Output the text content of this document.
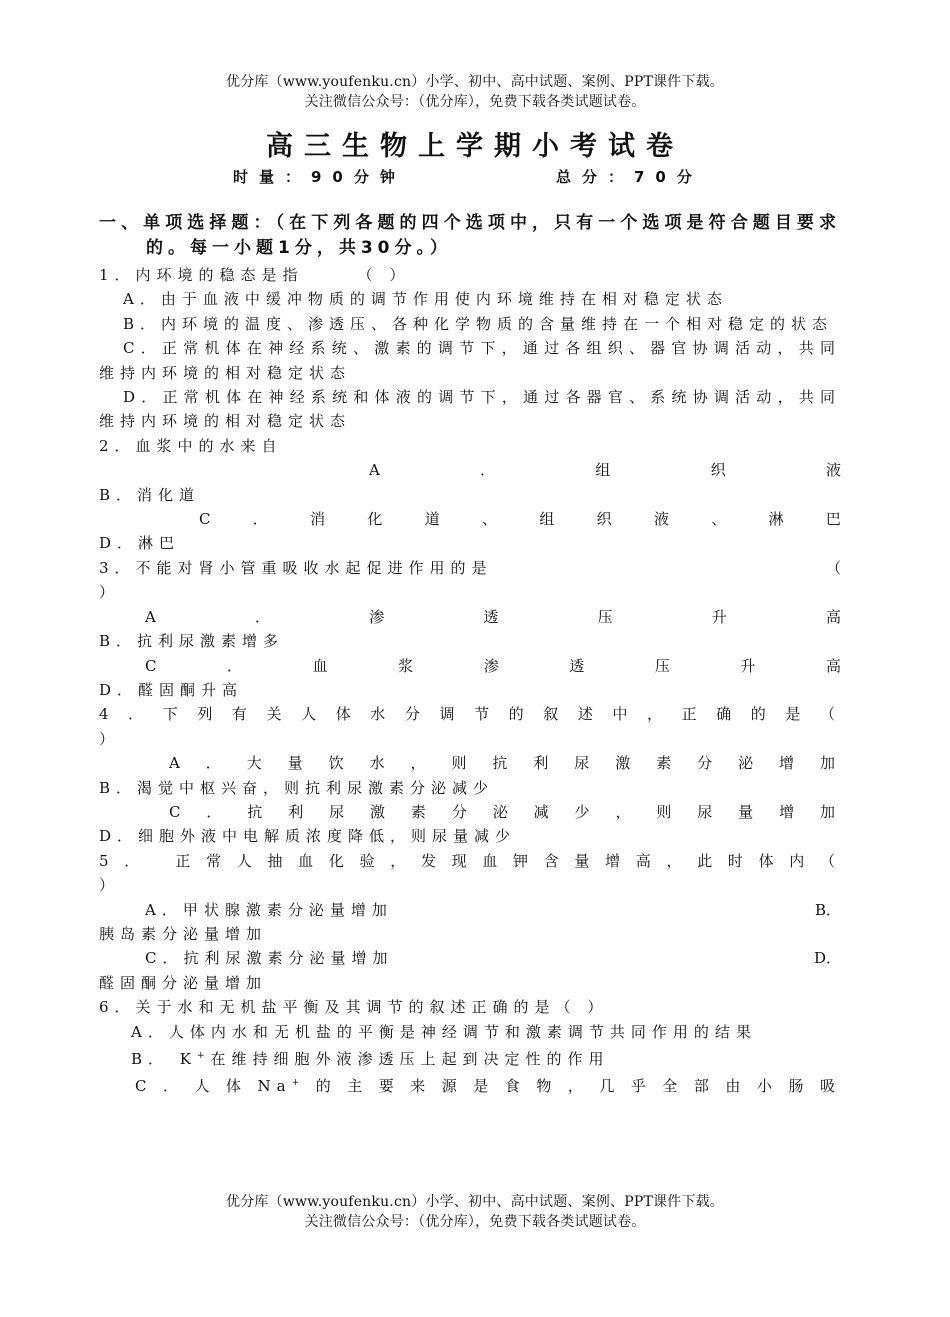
优分库（www.youfenku.cn）小学、初中、高中试题、案例、PPT课件下载。
关注微信公众号：（优分库），免费下载各类试题试卷。
高三生物上学期小考试卷
时量：90分钟	总分：70分
一、单项选择题：（在下列各题的四个选项中，只有一个选项是符合题目要求的。每一小题1分，共30分。）
1．内环境的稳态是指	（ ）
A．由于血液中缓冲物质的调节作用使内环境维持在相对稳定状态
B．内环境的温度、渗透压、各种化学物质的含量维持在一个相对稳定的状态
C．正常机体在神经系统、激素的调节下，通过各组织、器官协调活动，共同维持内环境的相对稳定状态
D．正常机体在神经系统和体液的调节下，通过各器官、系统协调活动，共同维持内环境的相对稳定状态
2．血浆中的水来自
A	．	组	织	液
B．消化道
C	．	消	化	道	、	组	织	液	、	淋	巴
D．淋巴
3．不能对肾小管重吸收水起促进作用的是	（
）
A	．	渗	透	压	升	高
B．抗利尿激素增多
C	．	血	浆	渗	透	压	升	高
D．醛固酮升高
4．下列有关人体水分调节的叙述中，正确的是（
）
A．大量饮水，则抗利尿激素分泌增加
B．渴觉中枢兴奋，则抗利尿激素分泌减少
C．抗利尿激素分泌减少，则尿量增加
D．细胞外液中电解质浓度降低，则尿量减少
5． 正常人抽血化验，发现血钾含量增高，此时体内（
）
A．甲状腺激素分泌量增加	B．
胰岛素分泌量增加
C．抗利尿激素分泌量增加	D．
醛固酮分泌量增加
6．关于水和无机盐平衡及其调节的叙述正确的是（ ）
A．人体内水和无机盐的平衡是神经调节和激素调节共同作用的结果
B． K+在维持细胞外液渗透压上起到决定性的作用
C．人体Na+的主要来源是食物，几乎全部由小肠吸
优分库（www.youfenku.cn）小学、初中、高中试题、案例、PPT课件下载。
关注微信公众号：（优分库），免费下载各类试题试卷。
